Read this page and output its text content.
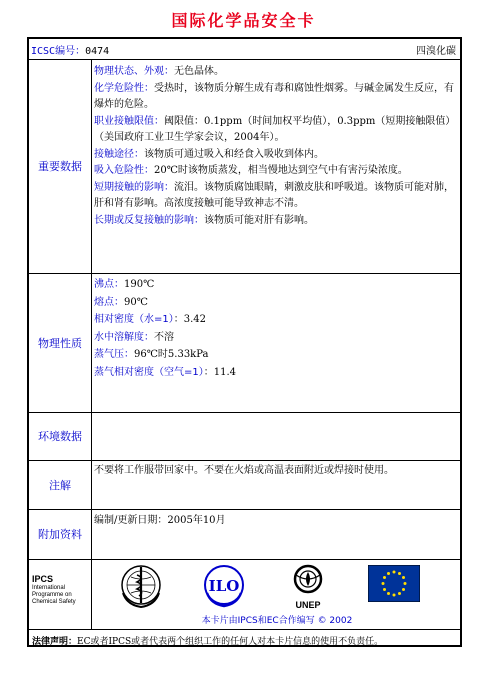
国际化学品安全卡
ICSC编号：0474	四溴化碳
重要数据
物理状态、外观：无色晶体。
化学危险性：受热时，该物质分解生成有毒和腐蚀性烟雾。与碱金属发生反应，有爆炸的危险。
职业接触限值：阈限值：0.1ppm（时间加权平均值），0.3ppm（短期接触限值）（美国政府工业卫生学家会议，2004年）。
接触途径：该物质可通过吸入和经食入吸收到体内。
吸入危险性：20℃时该物质蒸发，相当慢地达到空气中有害污染浓度。
短期接触的影响：流泪。该物质腐蚀眼睛，刺激皮肤和呼吸道。该物质可能对肺，肝和肾有影响。高浓度接触可能导致神志不清。
长期或反复接触的影响：该物质可能对肝有影响。
物理性质
沸点：190℃
熔点：90℃
相对密度（水=1）：3.42
水中溶解度：不溶
蒸气压：96℃时5.33kPa
蒸气相对密度（空气=1）：11.4
环境数据
注解
不要将工作服带回家中。不要在火焰或高温表面附近或焊接时使用。
附加资料
编制/更新日期：2005年10月
IPCS
International
Programme on
Chemical Safety
ILO
UNEP
本卡片由IPCS和EC合作编写 © 2002
法律声明：EC或者IPCS或者代表两个组织工作的任何人对本卡片信息的使用不负责任。
